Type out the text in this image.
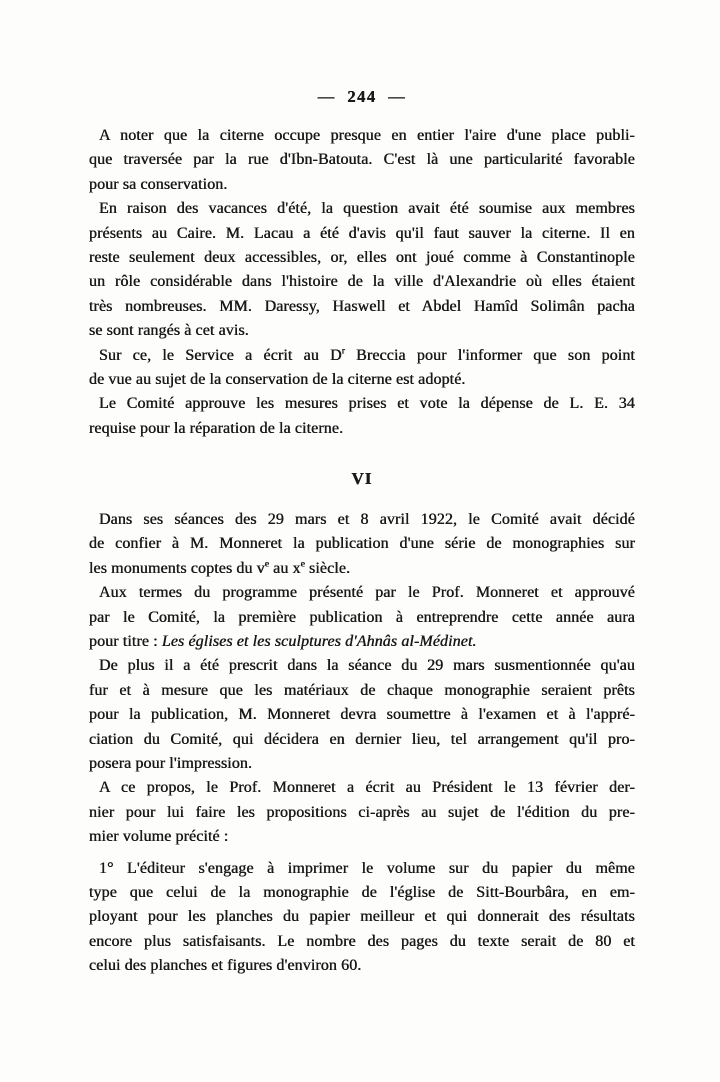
— 244 —
A noter que la citerne occupe presque en entier l'aire d'une place publi-
que traversée par la rue d'Ibn-Batouta. C'est là une particularité favorable
pour sa conservation.
En raison des vacances d'été, la question avait été soumise aux membres
présents au Caire. M. Lacau a été d'avis qu'il faut sauver la citerne. Il en
reste seulement deux accessibles, or, elles ont joué comme à Constantinople
un rôle considérable dans l'histoire de la ville d'Alexandrie où elles étaient
très nombreuses. MM. Daressy, Haswell et Abdel Hamîd Solimân pacha
se sont rangés à cet avis.
Sur ce, le Service a écrit au $D^r$ Breccia pour l'informer que son point
de vue au sujet de la conservation de la citerne est adopté.
Le Comité approuve les mesures prises et vote la dépense de L. E. 34
requise pour la réparation de la citerne.
VI
Dans ses séances des 29 mars et 8 avril 1922, le Comité avait décidé
de confier à M. Monneret la publication d'une série de monographies sur
les monuments coptes du $v^e$ au $x^e$ siècle.
Aux termes du programme présenté par le Prof. Monneret et approuvé
par le Comité, la première publication à entreprendre cette année aura
pour titre : Les églises et les sculptures d'Ahnâs al-Médinet.
De plus il a été prescrit dans la séance du 29 mars susmentionnée qu'au
fur et à mesure que les matériaux de chaque monographie seraient prêts
pour la publication, M. Monneret devra soumettre à l'examen et à l'appré-
ciation du Comité, qui décidera en dernier lieu, tel arrangement qu'il pro-
posera pour l'impression.
A ce propos, le Prof. Monneret a écrit au Président le 13 février der-
nier pour lui faire les propositions ci-après au sujet de l'édition du pre-
mier volume précité :
1° L'éditeur s'engage à imprimer le volume sur du papier du même
type que celui de la monographie de l'église de Sitt-Bourbâra, en em-
ployant pour les planches du papier meilleur et qui donnerait des résultats
encore plus satisfaisants. Le nombre des pages du texte serait de 80 et
celui des planches et figures d'environ 60.
